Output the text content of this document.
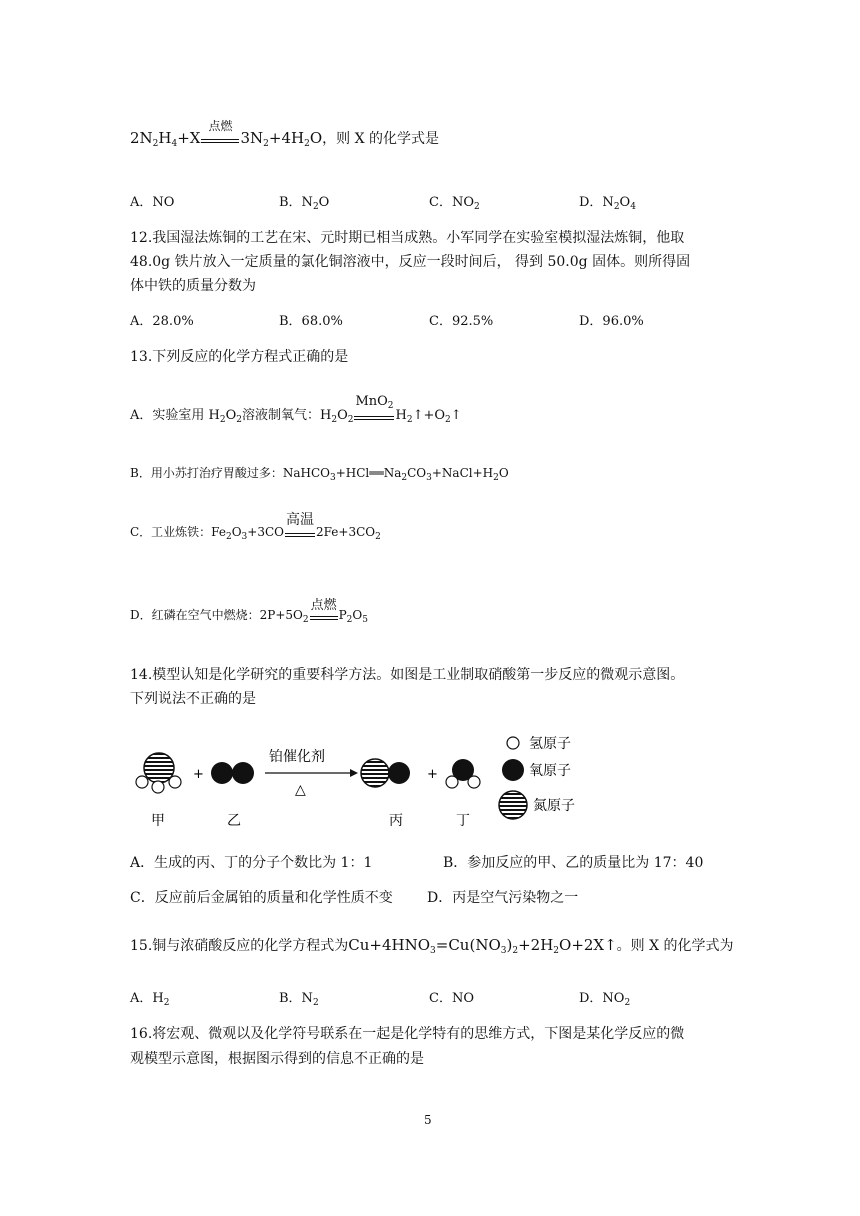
$2N_2H_4+X$
点燃
$3N_2+4H_2O$，则 X 的化学式是
A．NO	B．$N_2O$	C．$NO_2$	D．$N_2O_4$
12.我国湿法炼铜的工艺在宋、元时期已相当成熟。小军同学在实验室模拟湿法炼铜，他取
48.0g 铁片放入一定质量的氯化铜溶液中，反应一段时间后， 得到 50.0g 固体。则所得固
体中铁的质量分数为
A．28.0%	B．68.0%	C．92.5%	D．96.0%
13.下列反应的化学方程式正确的是
A．实验室用 $H_2O_2$溶液制氧气：$H_2O_2$
MnO$_2$
$H_2↑+O_2↑$
B．用小苏打治疗胃酸过多：$NaHCO_3+HCl══Na_2CO_3+NaCl+H_2O$
C．工业炼铁：$Fe_2O_3+3CO$
高温
$2Fe+3CO_2$
D．红磷在空气中燃烧：$2P+5O_2$
点燃
$P_2O_5$
14.模型认知是化学研究的重要科学方法。如图是工业制取硝酸第一步反应的微观示意图。
下列说法不正确的是
+
铂催化剂
△
+
甲	乙	丙	丁
氢原子
氧原子
氮原子
A．生成的丙、丁的分子个数比为 1：1	B．参加反应的甲、乙的质量比为 17：40
C．反应前后金属铂的质量和化学性质不变 D．丙是空气污染物之一
15.铜与浓硝酸反应的化学方程式为$Cu+4HNO_3=Cu(NO_3)_2+2H_2O+2X↑$。则 X 的化学式为
A．$H_2$	B．$N_2$	C．NO	D．$NO_2$
16.将宏观、微观以及化学符号联系在一起是化学特有的思维方式，下图是某化学反应的微
观模型示意图，根据图示得到的信息不正确的是
5
